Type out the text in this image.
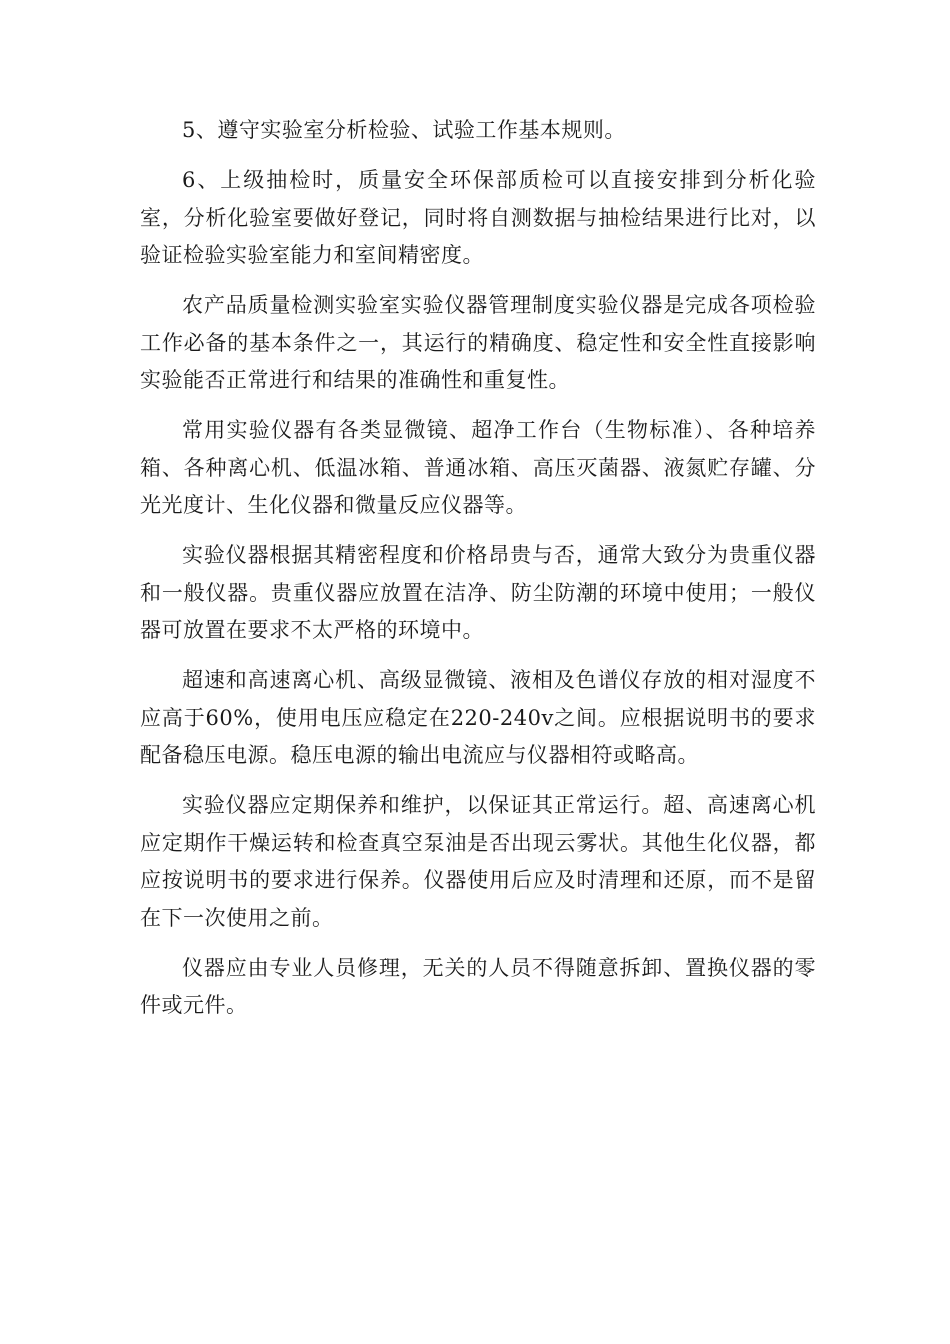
5、遵守实验室分析检验、试验工作基本规则。

6、上级抽检时，质量安全环保部质检可以直接安排到分析化验室，分析化验室要做好登记，同时将自测数据与抽检结果进行比对，以验证检验实验室能力和室间精密度。

农产品质量检测实验室实验仪器管理制度实验仪器是完成各项检验工作必备的基本条件之一，其运行的精确度、稳定性和安全性直接影响实验能否正常进行和结果的准确性和重复性。

常用实验仪器有各类显微镜、超净工作台（生物标准）、各种培养箱、各种离心机、低温冰箱、普通冰箱、高压灭菌器、液氮贮存罐、分光光度计、生化仪器和微量反应仪器等。

实验仪器根据其精密程度和价格昂贵与否，通常大致分为贵重仪器和一般仪器。贵重仪器应放置在洁净、防尘防潮的环境中使用；一般仪器可放置在要求不太严格的环境中。

超速和高速离心机、高级显微镜、液相及色谱仪存放的相对湿度不应高于60%，使用电压应稳定在220-240v之间。应根据说明书的要求配备稳压电源。稳压电源的输出电流应与仪器相符或略高。

实验仪器应定期保养和维护，以保证其正常运行。超、高速离心机应定期作干燥运转和检查真空泵油是否出现云雾状。其他生化仪器，都应按说明书的要求进行保养。仪器使用后应及时清理和还原，而不是留在下一次使用之前。

仪器应由专业人员修理，无关的人员不得随意拆卸、置换仪器的零件或元件。
